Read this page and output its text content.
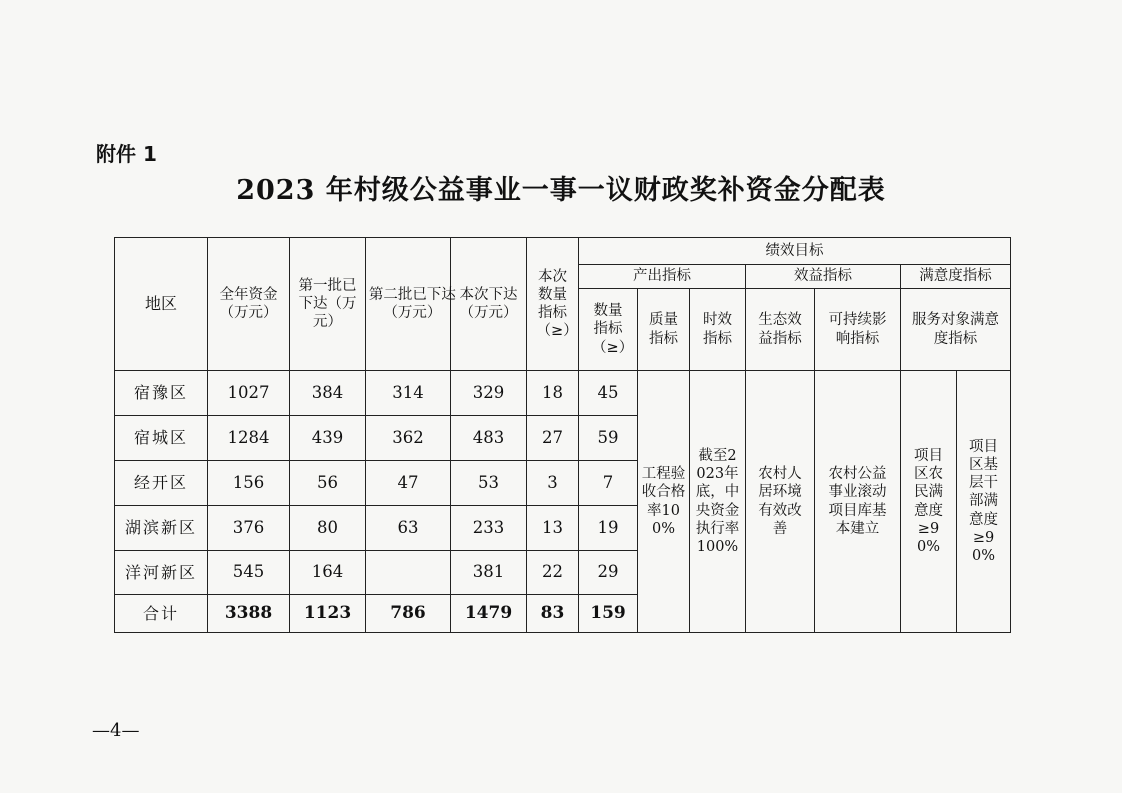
附件 1
2023 年村级公益事业一事一议财政奖补资金分配表
地区	全年资金（万元）	第一批已下达（万元）	第二批已下达（万元）	本次下达（万元）	本次数量指标（≥）	绩效目标						
						产出指标			效益指标		满意度指标	
						数量指标（≥）	质量指标	时效指标	生态效益指标	可持续影响指标	服务对象满意度指标	
宿豫区	1027	384	314	329	18	45	工程验收合格率100%	截至2023年底，中央资金执行率100%	农村人居环境有效改善	农村公益事业滚动项目库基本建立	项目区农民满意度≥90%	项目区基层干部满意度≥90%
宿城区	1284	439	362	483	27	59						
经开区	156	56	47	53	3	7						
湖滨新区	376	80	63	233	13	19						
洋河新区	545	164		381	22	29						
合计	3388	1123	786	1479	83	159						
—4—
